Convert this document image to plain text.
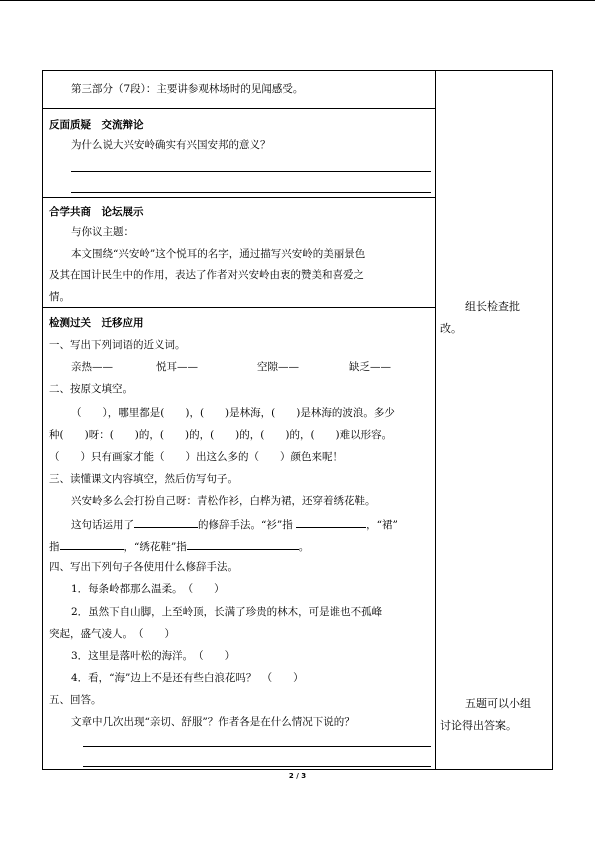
第三部分（7段）：主要讲参观林场时的见闻感受。
反面质疑　交流辩论
为什么说大兴安岭确实有兴国安邦的意义？
合学共商　论坛展示
与你议主题：
本文围绕“兴安岭”这个悦耳的名字，通过描写兴安岭的美丽景色
及其在国计民生中的作用，表达了作者对兴安岭由衷的赞美和喜爱之
情。
检测过关　迁移应用
一、写出下列词语的近义词。
亲热——	悦耳——	空隙——	缺乏——
二、按原文填空。
（　　），哪里都是(　　)，(　　)是林海，(　　)是林海的波浪。多少
种(　　)呀：(　　)的，(　　)的，(　　)的，(　　)的，(　　)难以形容。
（　　）只有画家才能（　　）出这么多的（　　）颜色来呢！
三、读懂课文内容填空，然后仿写句子。
兴安岭多么会打扮自己呀：青松作衫，白桦为裙，还穿着绣花鞋。
这句话运用了	的修辞手法。“衫”指	，“裙”
指	，“绣花鞋”指	。
四、写出下列句子各使用什么修辞手法。
1．每条岭都那么温柔。　（　　）
2．虽然下自山脚，上至岭顶，长满了珍贵的林木，可是谁也不孤峰
突起，盛气凌人。　（　　）
3．这里是落叶松的海洋。　（　　）
4．看，“海”边上不是还有些白浪花吗？　（　　）
五、回答。
文章中几次出现“亲切、舒服”？作者各是在什么情况下说的？
组长检查批
改。
五题可以小组
讨论得出答案。
2 / 3
